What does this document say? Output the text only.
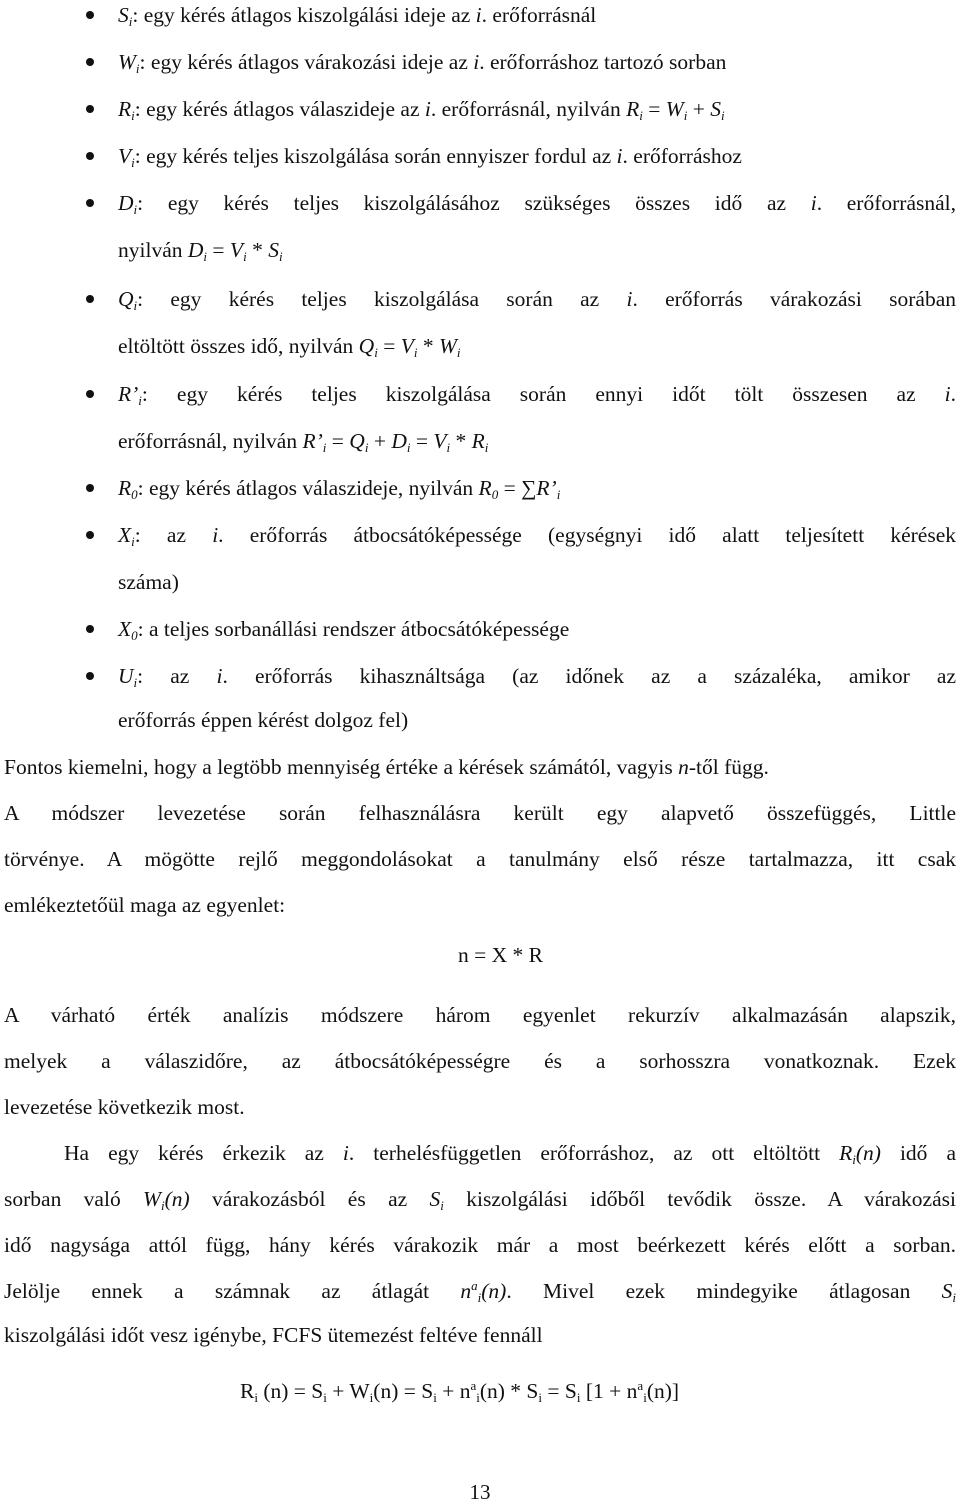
$S_i$: egy kérés átlagos kiszolgálási ideje az i. erőforrásnál
$W_i$: egy kérés átlagos várakozási ideje az i. erőforráshoz tartozó sorban
$R_i$: egy kérés átlagos válaszideje az i. erőforrásnál, nyilván $R_i = W_i + S_i$
$V_i$: egy kérés teljes kiszolgálása során ennyiszer fordul az i. erőforráshoz
$D_i$: egy kérés teljes kiszolgálásához szükséges összes idő az i. erőforrásnál,
nyilván $D_i = V_i * S_i$
$Q_i$: egy kérés teljes kiszolgálása során az i. erőforrás várakozási sorában
eltöltött összes idő, nyilván $Q_i = V_i * W_i$
$R’_i$: egy kérés teljes kiszolgálása során ennyi időt tölt összesen az i.
erőforrásnál, nyilván $R’_i = Q_i + D_i = V_i * R_i$
$R_0$: egy kérés átlagos válaszideje, nyilván $R_0$ = $\sum R’_i$
$X_i$: az i. erőforrás átbocsátóképessége (egységnyi idő alatt teljesített kérések
száma)
$X_0$: a teljes sorbanállási rendszer átbocsátóképessége
$U_i$: az i. erőforrás kihasználtsága (az időnek az a százaléka, amikor az
erőforrás éppen kérést dolgoz fel)
Fontos kiemelni, hogy a legtöbb mennyiség értéke a kérések számától, vagyis n-től függ.
A módszer levezetése során felhasználásra került egy alapvető összefüggés, Little
törvénye. A mögötte rejlő meggondolásokat a tanulmány első része tartalmazza, itt csak
emlékeztetőül maga az egyenlet:
n = X * R
A várható érték analízis módszere három egyenlet rekurzív alkalmazásán alapszik,
melyek a válaszidőre, az átbocsátóképességre és a sorhosszra vonatkoznak. Ezek
levezetése következik most.
Ha egy kérés érkezik az i. terhelésfüggetlen erőforráshoz, az ott eltöltött $R_i(n)$ idő a
sorban való $W_i(n)$ várakozásból és az $S_i$ kiszolgálási időből tevődik össze. A várakozási
idő nagysága attól függ, hány kérés várakozik már a most beérkezett kérés előtt a sorban.
Jelölje ennek a számnak az átlagát $n^a_i(n)$. Mivel ezek mindegyike átlagosan $S_i$
kiszolgálási időt vesz igénybe, FCFS ütemezést feltéve fennáll
$R_i$ $(n) = S_i + W_i(n) = S_i + n^a_i(n) * S_i = S_i$ $[1 + n^a_i(n)]$
13
